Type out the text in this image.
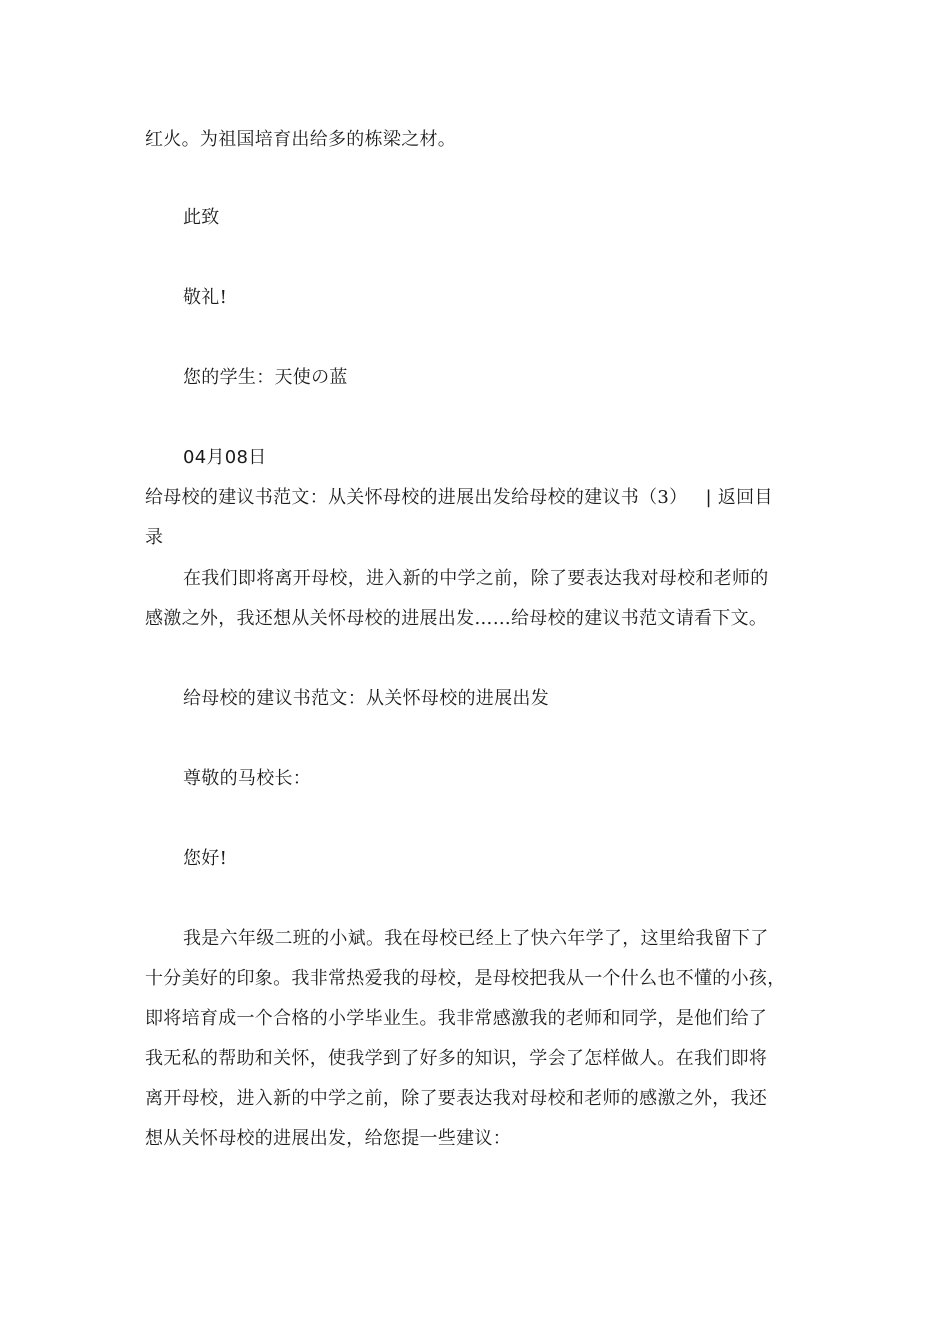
红火。为祖国培育出给多的栋梁之材。
此致
敬礼!
您的学生：天使の蓝
04月08日
给母校的建议书范文：从关怀母校的进展出发给母校的建议书（3） | 返回目
录
在我们即将离开母校，进入新的中学之前，除了要表达我对母校和老师的
感激之外，我还想从关怀母校的进展出发……给母校的建议书范文请看下文。
给母校的建议书范文：从关怀母校的进展出发
尊敬的马校长：
您好!
我是六年级二班的小斌。我在母校已经上了快六年学了，这里给我留下了
十分美好的印象。我非常热爱我的母校，是母校把我从一个什么也不懂的小孩，
即将培育成一个合格的小学毕业生。我非常感激我的老师和同学，是他们给了
我无私的帮助和关怀，使我学到了好多的知识，学会了怎样做人。在我们即将
离开母校，进入新的中学之前，除了要表达我对母校和老师的感激之外，我还
想从关怀母校的进展出发，给您提一些建议：
